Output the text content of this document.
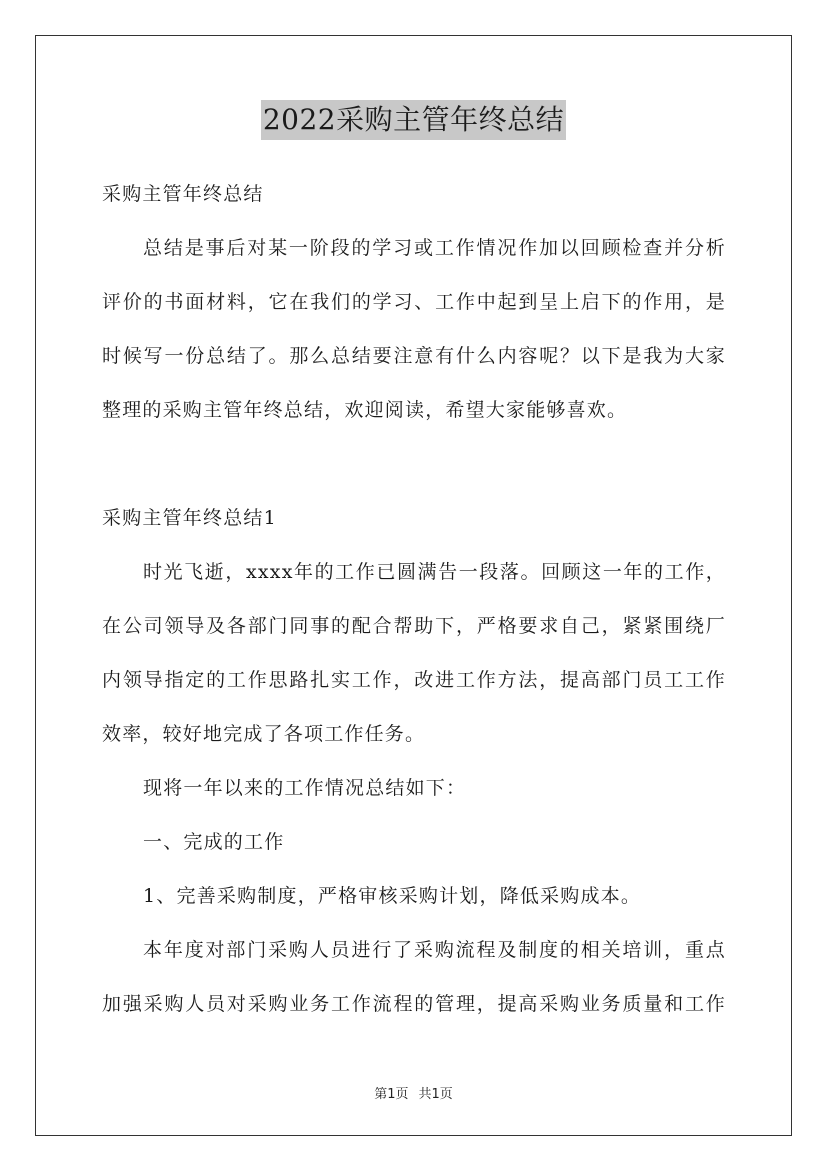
2022采购主管年终总结
采购主管年终总结
总结是事后对某一阶段的学习或工作情况作加以回顾检查并分析
评价的书面材料，它在我们的学习、工作中起到呈上启下的作用，是
时候写一份总结了。那么总结要注意有什么内容呢？以下是我为大家
整理的采购主管年终总结，欢迎阅读，希望大家能够喜欢。
采购主管年终总结1
时光飞逝，xxxx年的工作已圆满告一段落。回顾这一年的工作，
在公司领导及各部门同事的配合帮助下，严格要求自己，紧紧围绕厂
内领导指定的工作思路扎实工作，改进工作方法，提高部门员工工作
效率，较好地完成了各项工作任务。
现将一年以来的工作情况总结如下：
一、完成的工作
1、完善采购制度，严格审核采购计划，降低采购成本。
本年度对部门采购人员进行了采购流程及制度的相关培训，重点
加强采购人员对采购业务工作流程的管理，提高采购业务质量和工作
第1页 共1页
